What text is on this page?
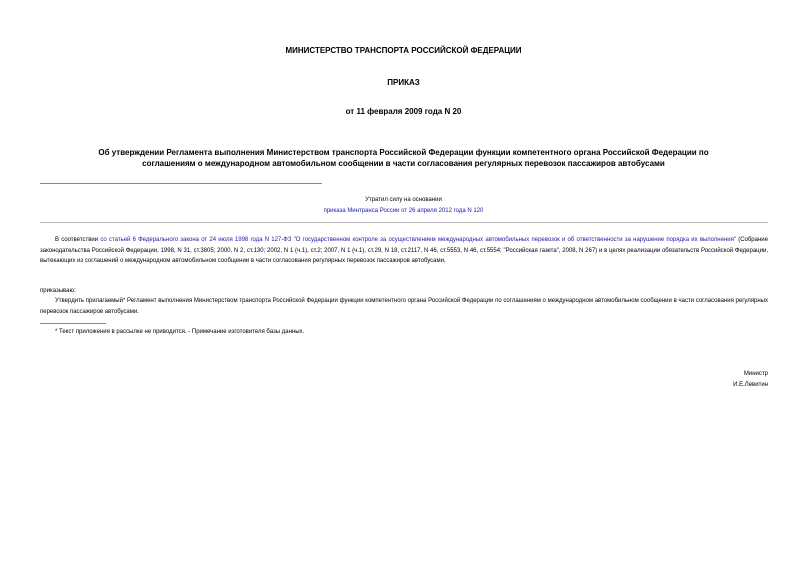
МИНИСТЕРСТВО ТРАНСПОРТА РОССИЙСКОЙ ФЕДЕРАЦИИ
ПРИКАЗ
от 11 февраля 2009 года N 20
Об утверждении Регламента выполнения Министерством транспорта Российской Федерации функции компетентного органа Российской Федерации по
соглашениям о международном автомобильном сообщении в части согласования регулярных перевозок пассажиров автобусами
Утратил силу на основании
приказа Минтранса России от 26 апреля 2012 года N 120
В соответствии со статьей 6 Федерального закона от 24 июля 1998 года N 127-ФЗ "О государственном контроле за осуществлением международных автомобильных перевозок и об ответственности за нарушение порядка их выполнения" (Собрание законодательства Российской Федерации, 1998, N 31, ст.3805; 2000, N 2, ст.130; 2002, N 1 (ч.1), ст.2; 2007, N 1 (ч.1), ст.29, N 18, ст.2117, N 46, ст.5553, N 46, ст.5554; "Российская газета", 2008, N 267) и в целях реализации обязательств Российской Федерации, вытекающих из соглашений о международном автомобильном сообщении в части согласования регулярных перевозок пассажиров автобусами,
приказываю:
Утвердить прилагаемый* Регламент выполнения Министерством транспорта Российской Федерации функции компетентного органа Российской Федерации по соглашениям о международном автомобильном сообщении в части согласования регулярных перевозок пассажиров автобусами.
* Текст приложения в рассылке не приводится. - Примечание изготовителя базы данных.
Министр
И.Е.Левитин
